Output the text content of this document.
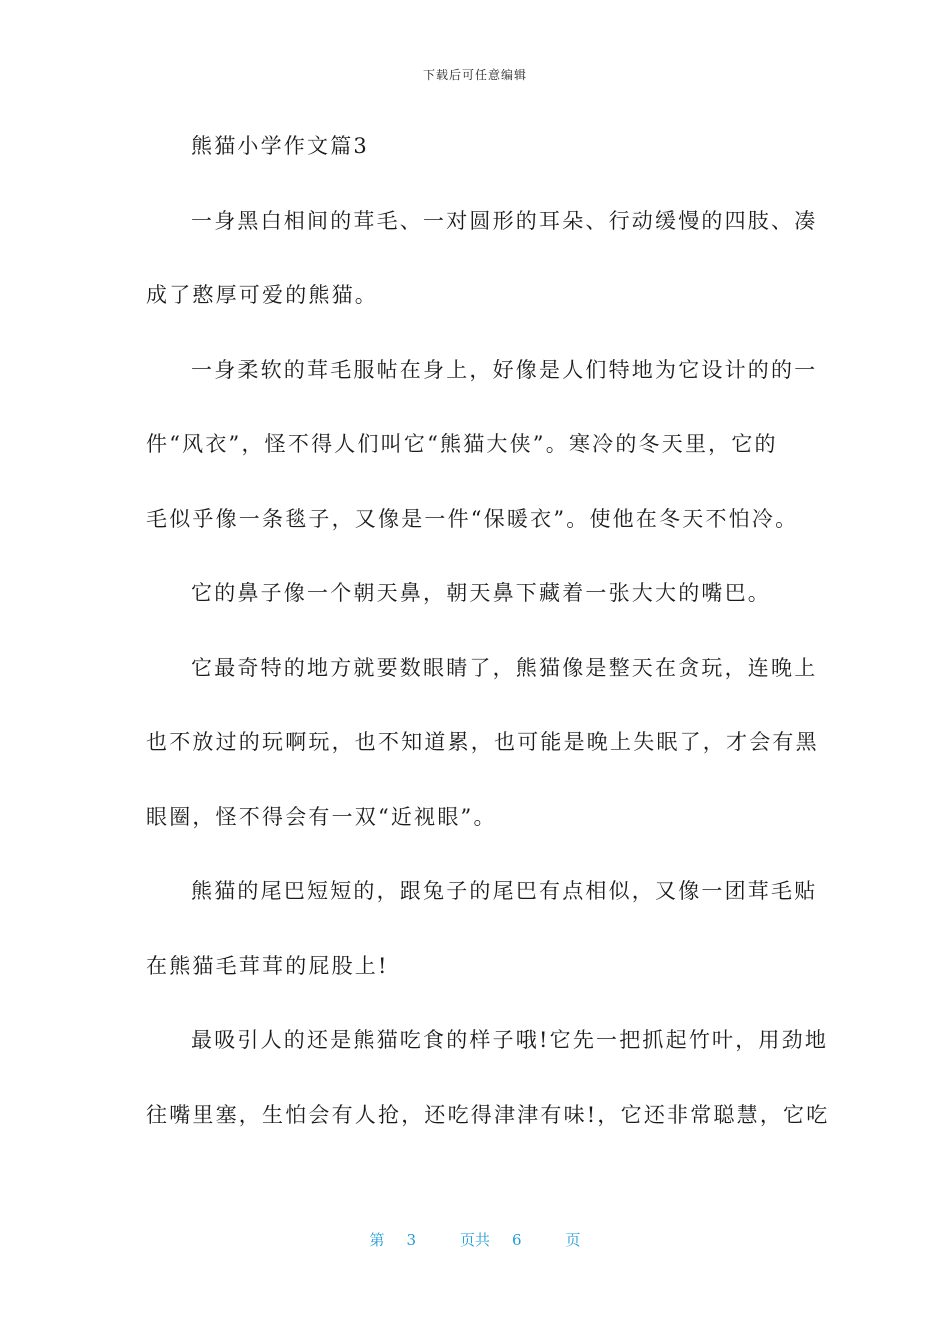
下载后可任意编辑
熊猫小学作文篇3
一身黑白相间的茸毛、一对圆形的耳朵、行动缓慢的四肢、凑
成了憨厚可爱的熊猫。
一身柔软的茸毛服帖在身上，好像是人们特地为它设计的的一
件“风衣”，怪不得人们叫它“熊猫大侠”。寒冷的冬天里，它的
毛似乎像一条毯子，又像是一件“保暖衣”。使他在冬天不怕冷。
它的鼻子像一个朝天鼻，朝天鼻下藏着一张大大的嘴巴。
它最奇特的地方就要数眼睛了，熊猫像是整天在贪玩，连晚上
也不放过的玩啊玩，也不知道累，也可能是晚上失眠了，才会有黑
眼圈，怪不得会有一双“近视眼”。
熊猫的尾巴短短的，跟兔子的尾巴有点相似，又像一团茸毛贴
在熊猫毛茸茸的屁股上!
最吸引人的还是熊猫吃食的样子哦!它先一把抓起竹叶，用劲地
往嘴里塞，生怕会有人抢，还吃得津津有味!，它还非常聪慧，它吃
第 3	页共 6	页
